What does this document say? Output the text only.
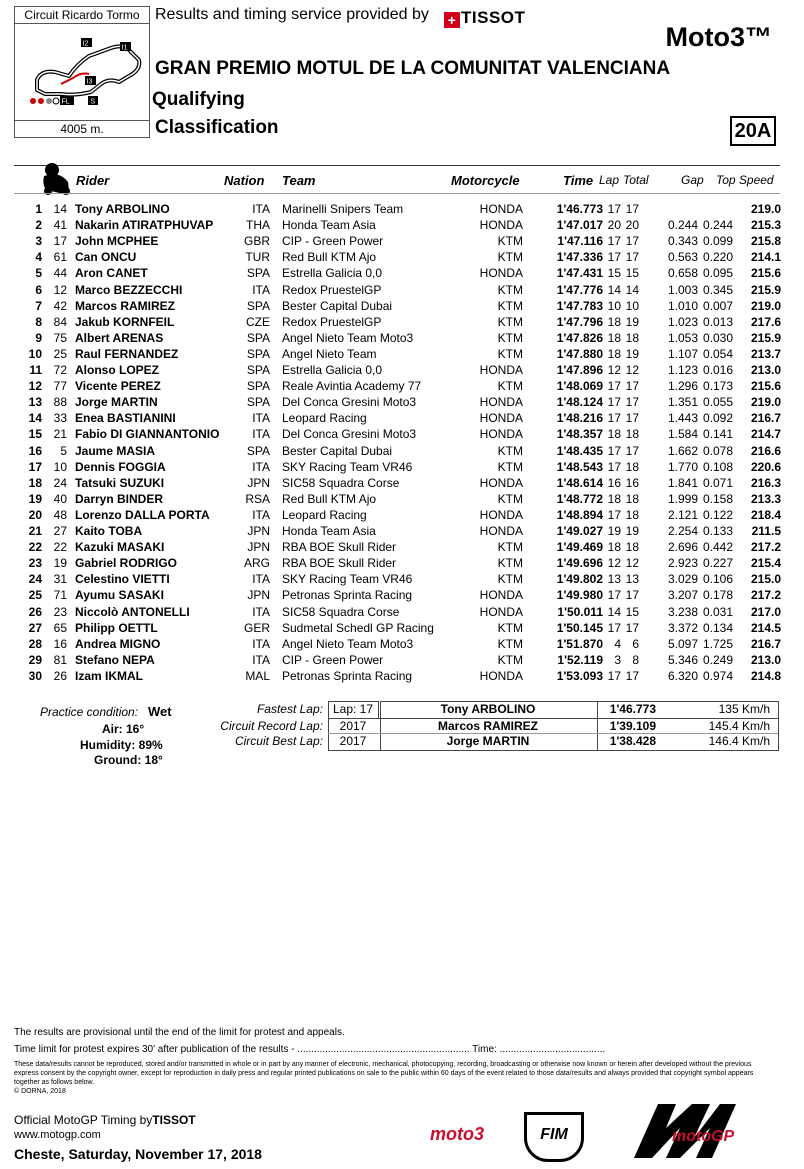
Circuit Ricardo Tormo
I2
I1
I3
FL	S
4005 m.
Results and timing service provided by + TISSOT
Moto3™
GRAN PREMIO MOTUL DE LA COMUNITAT VALENCIANA
Qualifying
Classification	20A
Rider	Nation Team	Motorcycle	Time Lap Total	Gap Top Speed
1 14 Tony ARBOLINO	ITA Marinelli Snipers Team	HONDA	1'46.773 17 17	219.0
2 41 Nakarin ATIRATPHUVAP	THA Honda Team Asia	HONDA	1'47.017 20 20	0.244 0.244	215.3
3 17 John MCPHEE	GBR CIP - Green Power	KTM	1'47.116 17 17	0.343 0.099	215.8
4 61 Can ONCU	TUR Red Bull KTM Ajo	KTM	1'47.336 17 17	0.563 0.220	214.1
5 44 Aron CANET	SPA Estrella Galicia 0,0	HONDA	1'47.431 15 15	0.658 0.095	215.6
6 12 Marco BEZZECCHI	ITA Redox PruestelGP	KTM	1'47.776 14 14	1.003 0.345	215.9
7 42 Marcos RAMIREZ	SPA Bester Capital Dubai	KTM	1'47.783 10 10	1.010 0.007	219.0
8 84 Jakub KORNFEIL	CZE Redox PruestelGP	KTM	1'47.796 18 19	1.023 0.013	217.6
9 75 Albert ARENAS	SPA Angel Nieto Team Moto3	KTM	1'47.826 18 18	1.053 0.030	215.9
10 25 Raul FERNANDEZ	SPA Angel Nieto Team	KTM	1'47.880 18 19	1.107 0.054	213.7
11 72 Alonso LOPEZ	SPA Estrella Galicia 0,0	HONDA	1'47.896 12 12	1.123 0.016	213.0
12 77 Vicente PEREZ	SPA Reale Avintia Academy 77	KTM	1'48.069 17 17	1.296 0.173	215.6
13 88 Jorge MARTIN	SPA Del Conca Gresini Moto3	HONDA	1'48.124 17 17	1.351 0.055	219.0
14 33 Enea BASTIANINI	ITA Leopard Racing	HONDA	1'48.216 17 17	1.443 0.092	216.7
15 21 Fabio DI GIANNANTONIO	ITA Del Conca Gresini Moto3	HONDA	1'48.357 18 18	1.584 0.141	214.7
16	5 Jaume MASIA	SPA Bester Capital Dubai	KTM	1'48.435 17 17	1.662 0.078	216.6
17 10 Dennis FOGGIA	ITA SKY Racing Team VR46	KTM	1'48.543 17 18	1.770 0.108	220.6
18 24 Tatsuki SUZUKI	JPN SIC58 Squadra Corse	HONDA	1'48.614 16 16	1.841 0.071	216.3
19 40 Darryn BINDER	RSA Red Bull KTM Ajo	KTM	1'48.772 18 18	1.999 0.158	213.3
20 48 Lorenzo DALLA PORTA	ITA Leopard Racing	HONDA	1'48.894 17 18	2.121 0.122	218.4
21 27 Kaito TOBA	JPN Honda Team Asia	HONDA	1'49.027 19 19	2.254 0.133	211.5
22 22 Kazuki MASAKI	JPN RBA BOE Skull Rider	KTM	1'49.469 18 18	2.696 0.442	217.2
23 19 Gabriel RODRIGO	ARG RBA BOE Skull Rider	KTM	1'49.696 12 12	2.923 0.227	215.4
24 31 Celestino VIETTI	ITA SKY Racing Team VR46	KTM	1'49.802 13 13	3.029 0.106	215.0
25 71 Ayumu SASAKI	JPN Petronas Sprinta Racing	HONDA	1'49.980 17 17	3.207 0.178	217.2
26 23 Niccolò ANTONELLI	ITA SIC58 Squadra Corse	HONDA	1'50.011 14 15	3.238 0.031	217.0
27 65 Philipp OETTL	GER Sudmetal Schedl GP Racing	KTM	1'50.145 17 17	3.372 0.134	214.5
28 16 Andrea MIGNO	ITA Angel Nieto Team Moto3	KTM	1'51.870 4 6	5.097 1.725	216.7
29 81 Stefano NEPA	ITA CIP - Green Power	KTM	1'52.119 3 8	5.346 0.249	213.0
30 26 Izam IKMAL	MAL Petronas Sprinta Racing	HONDA	1'53.093 17 17	6.320 0.974	214.8
Practice condition: Wet
Air: 16°
Humidity: 89%
Ground: 18°
Fastest Lap: Lap: 17	Tony ARBOLINO	1'46.773	135 Km/h
Circuit Record Lap:	2017	Marcos RAMIREZ	1'39.109	145.4 Km/h
Circuit Best Lap:	2017	Jorge MARTIN	1'38.428	146.4 Km/h
The results are provisional until the end of the limit for protest and appeals.
Time limit for protest expires 30' after publication of the results - .............................................................. Time: ......................................
These data/results cannot be reproduced, stored and/or transmitted in whole or in part by any manner of electronic, mechanical, photocopying, recording, broadcasting or otherwise now known or herein after developed without the previous express consent by the copyright owner, except for reproduction in daily press and regular printed publications on sale to the public within 60 days of the event related to those data/results and always provided that copyright symbol appears together as follows below.
© DORNA, 2018
Official MotoGP Timing byTISSOT
www.motogp.com
Cheste, Saturday, November 17, 2018
moto3	FIM	motoGP
